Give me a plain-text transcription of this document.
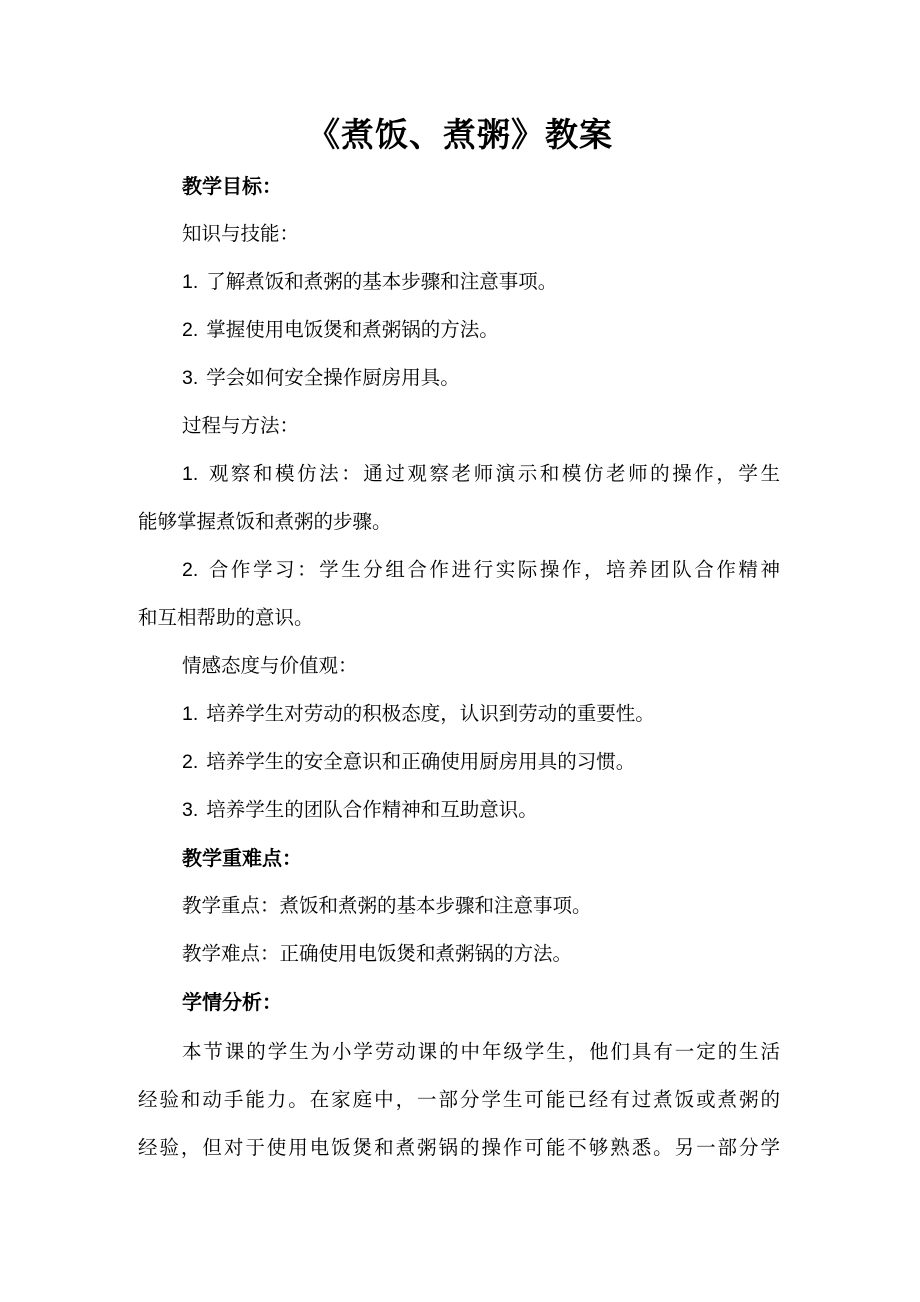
《煮饭、煮粥》教案
教学目标：
知识与技能：
1. 了解煮饭和煮粥的基本步骤和注意事项。
2. 掌握使用电饭煲和煮粥锅的方法。
3. 学会如何安全操作厨房用具。
过程与方法：
1. 观察和模仿法：通过观察老师演示和模仿老师的操作，学生
能够掌握煮饭和煮粥的步骤。
2. 合作学习：学生分组合作进行实际操作，培养团队合作精神
和互相帮助的意识。
情感态度与价值观：
1. 培养学生对劳动的积极态度，认识到劳动的重要性。
2. 培养学生的安全意识和正确使用厨房用具的习惯。
3. 培养学生的团队合作精神和互助意识。
教学重难点：
教学重点：煮饭和煮粥的基本步骤和注意事项。
教学难点：正确使用电饭煲和煮粥锅的方法。
学情分析：
本节课的学生为小学劳动课的中年级学生，他们具有一定的生活
经验和动手能力。在家庭中，一部分学生可能已经有过煮饭或煮粥的
经验，但对于使用电饭煲和煮粥锅的操作可能不够熟悉。另一部分学
